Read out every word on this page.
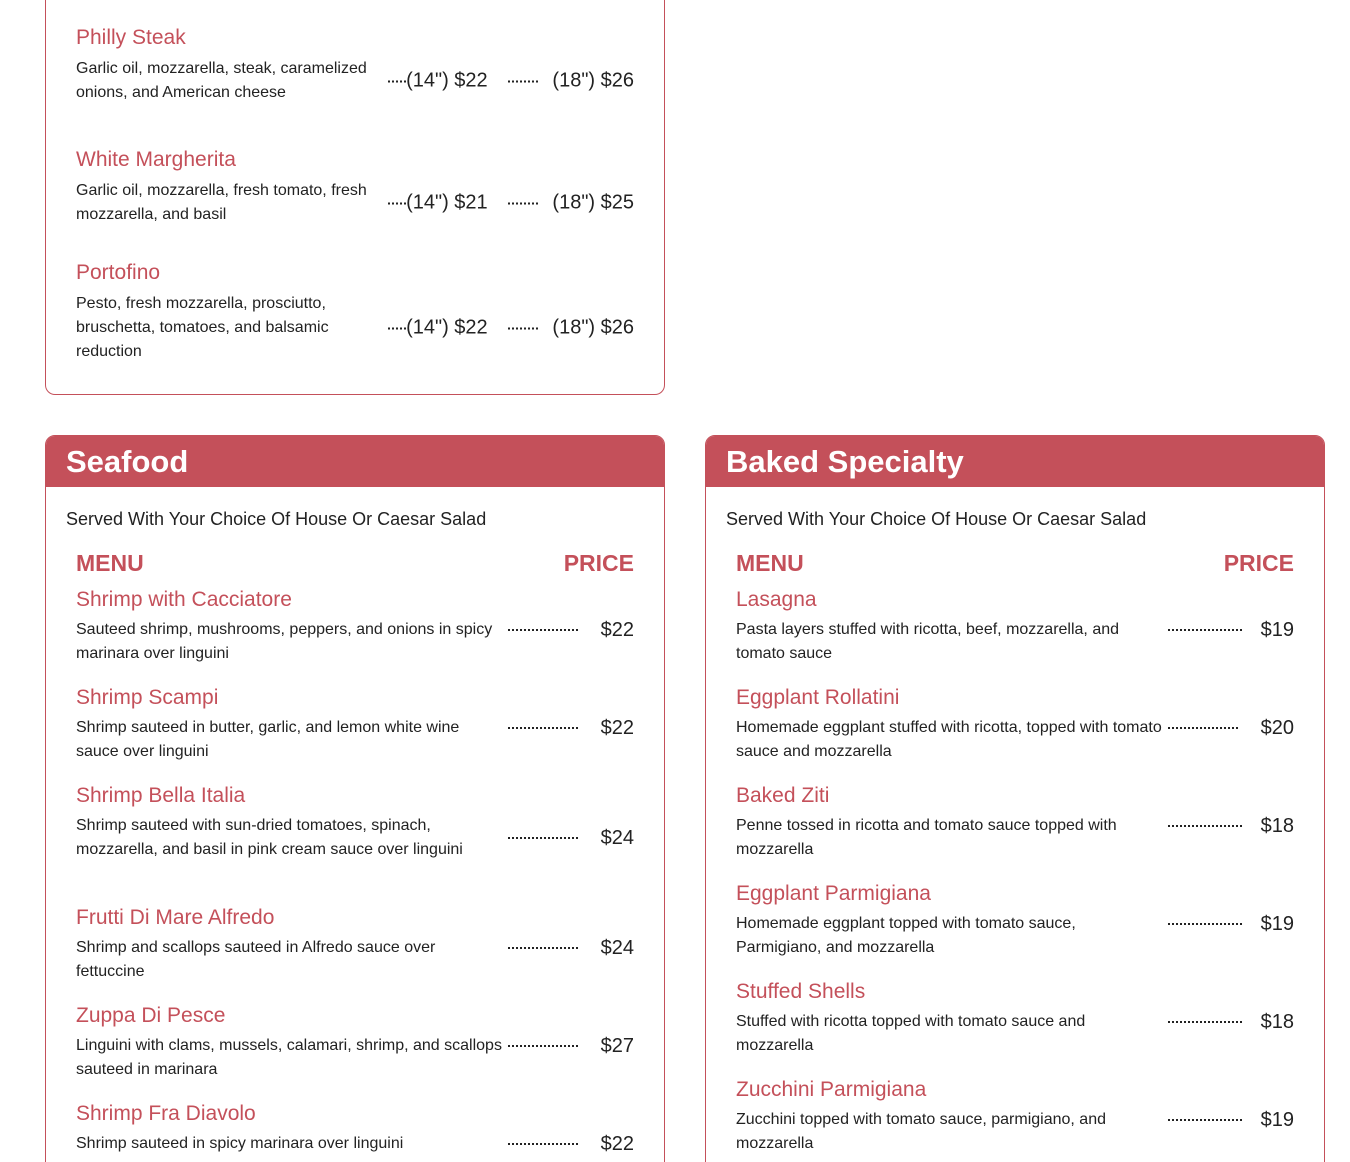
Philly Steak
Garlic oil, mozzarella, steak, caramelized onions, and American cheese
(14") $22	(18") $26
White Margherita
Garlic oil, mozzarella, fresh tomato, fresh mozzarella, and basil
(14") $21	(18") $25
Portofino
Pesto, fresh mozzarella, prosciutto, bruschetta, tomatoes, and balsamic reduction
(14") $22	(18") $26
Seafood
Served With Your Choice Of House Or Caesar Salad
MENU	PRICE
Shrimp with Cacciatore
Sauteed shrimp, mushrooms, peppers, and onions in spicy marinara over linguini
$22
Shrimp Scampi
Shrimp sauteed in butter, garlic, and lemon white wine sauce over linguini
$22
Shrimp Bella Italia
Shrimp sauteed with sun-dried tomatoes, spinach, mozzarella, and basil in pink cream sauce over linguini
$24
Frutti Di Mare Alfredo
Shrimp and scallops sauteed in Alfredo sauce over fettuccine
$24
Zuppa Di Pesce
Linguini with clams, mussels, calamari, shrimp, and scallops sauteed in marinara
$27
Shrimp Fra Diavolo
Shrimp sauteed in spicy marinara over linguini	$22
Baked Specialty
Served With Your Choice Of House Or Caesar Salad
MENU	PRICE
Lasagna
Pasta layers stuffed with ricotta, beef, mozzarella, and tomato sauce
$19
Eggplant Rollatini
Homemade eggplant stuffed with ricotta, topped with tomato sauce and mozzarella
$20
Baked Ziti
Penne tossed in ricotta and tomato sauce topped with mozzarella
$18
Eggplant Parmigiana
Homemade eggplant topped with tomato sauce, Parmigiano, and mozzarella
$19
Stuffed Shells
Stuffed with ricotta topped with tomato sauce and mozzarella
$18
Zucchini Parmigiana
Zucchini topped with tomato sauce, parmigiano, and mozzarella
$19
